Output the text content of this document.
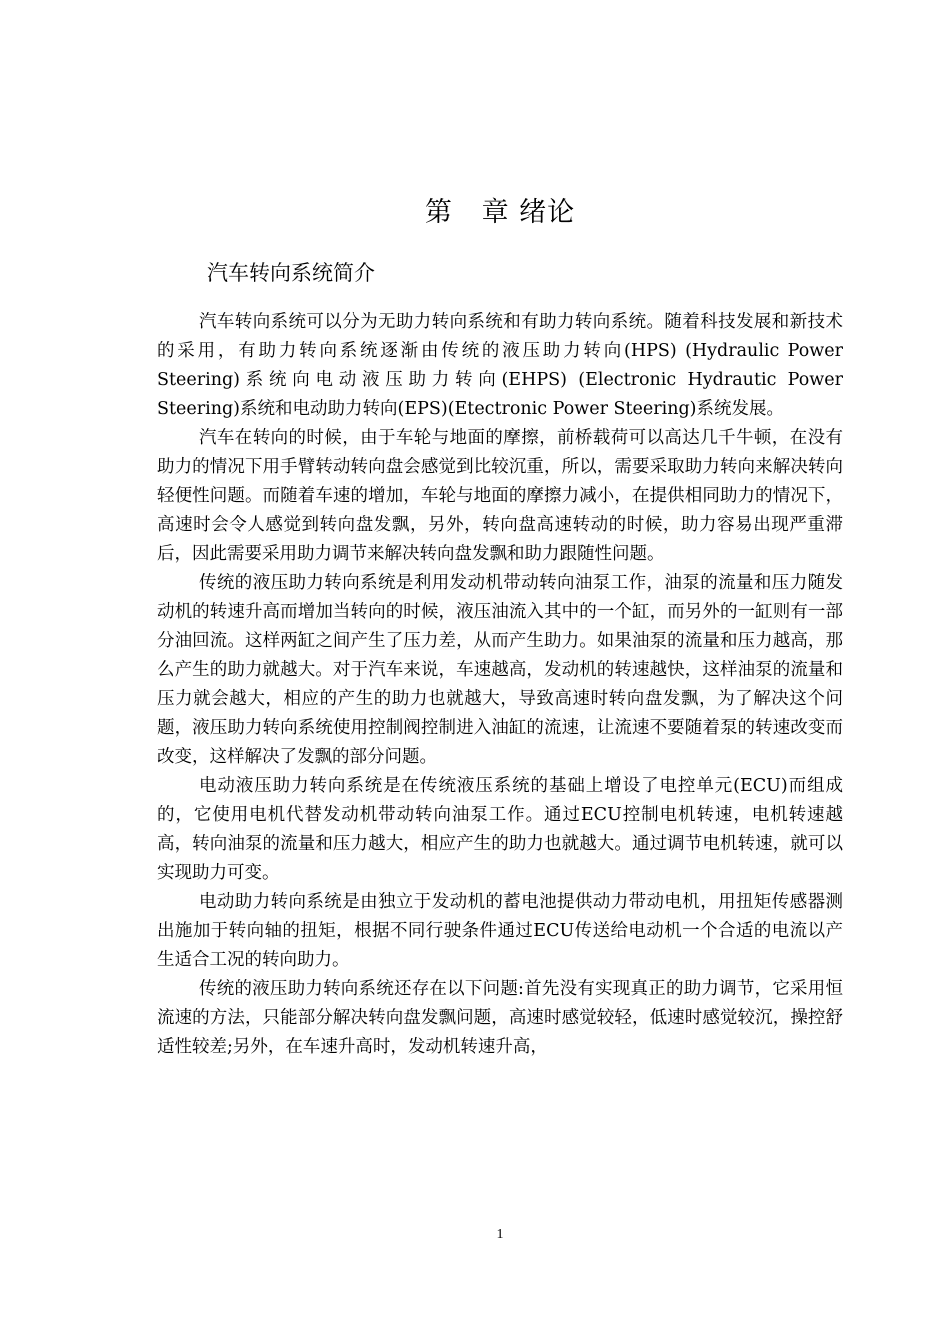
第   章 绪论
汽车转向系统简介

汽车转向系统可以分为无助力转向系统和有助力转向系统。随着科技发展和新技术的采用，有助力转向系统逐渐由传统的液压助力转向(HPS) (Hydraulic Power Steering)系统向电动液压助力转向(EHPS) (Electronic Hydrautic Power Steering)系统和电动助力转向(EPS)(Etectronic Power Steering)系统发展。

汽车在转向的时候，由于车轮与地面的摩擦，前桥载荷可以高达几千牛顿，在没有助力的情况下用手臂转动转向盘会感觉到比较沉重，所以，需要采取助力转向来解决转向轻便性问题。而随着车速的增加，车轮与地面的摩擦力减小，在提供相同助力的情况下，高速时会令人感觉到转向盘发飘，另外，转向盘高速转动的时候，助力容易出现严重滞后，因此需要采用助力调节来解决转向盘发飘和助力跟随性问题。

传统的液压助力转向系统是利用发动机带动转向油泵工作，油泵的流量和压力随发动机的转速升高而增加当转向的时候，液压油流入其中的一个缸，而另外的一缸则有一部分油回流。这样两缸之间产生了压力差，从而产生助力。如果油泵的流量和压力越高，那么产生的助力就越大。对于汽车来说，车速越高，发动机的转速越快，这样油泵的流量和压力就会越大，相应的产生的助力也就越大，导致高速时转向盘发飘，为了解决这个问题，液压助力转向系统使用控制阀控制进入油缸的流速，让流速不要随着泵的转速改变而改变，这样解决了发飘的部分问题。

电动液压助力转向系统是在传统液压系统的基础上增设了电控单元(ECU)而组成的，它使用电机代替发动机带动转向油泵工作。通过ECU控制电机转速，电机转速越高，转向油泵的流量和压力越大，相应产生的助力也就越大。通过调节电机转速，就可以实现助力可变。

电动助力转向系统是由独立于发动机的蓄电池提供动力带动电机，用扭矩传感器测出施加于转向轴的扭矩，根据不同行驶条件通过ECU传送给电动机一个合适的电流以产生适合工况的转向助力。

传统的液压助力转向系统还存在以下问题:首先没有实现真正的助力调节，它采用恒流速的方法，只能部分解决转向盘发飘问题，高速时感觉较轻，低速时感觉较沉，操控舒适性较差;另外，在车速升高时，发动机转速升高，

1
